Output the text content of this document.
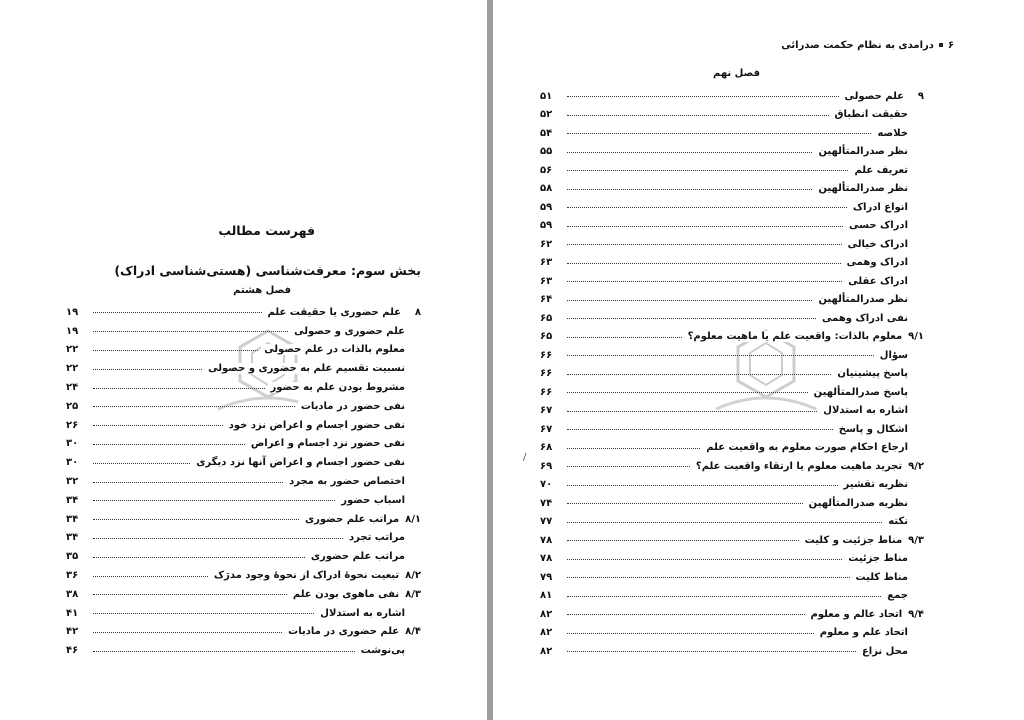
فهرست مطالب
بخش سوم: معرفت‌شناسی (هستی‌شناسی ادراک)
فصل هشتم
۸علم حضوری یا حقیقت علم
۱۹
علم حضوری و حصولی
۱۹
معلوم بالذات در علم حصولی
۲۲
نسبیت تقسیم علم به حضوری و حصولی
۲۲
مشروط بودن علم به حضور
۲۴
نفی حضور در مادیات
۲۵
نفی حضور اجسام و اعراض نزد خود
۲۶
نفی حضور نزد اجسام و اعراض
۳۰
نفی حضور اجسام و اعراض آنها نزد دیگری
۳۰
اختصاص حضور به مجرد
۳۲
اسباب حضور
۳۴
۸/۱مراتب علم حضوری
۳۴
مراتب تجرد
۳۴
مراتب علم حضوری
۳۵
۸/۲تبعیت نحوهٔ ادراک از نحوهٔ وجود مدرَک
۳۶
۸/۳نفی ماهوی بودن علم
۳۸
اشاره به استدلال
۴۱
۸/۴علم حضوری در مادیات
۴۲
پی‌نوشت
۴۶
۶درامدی به نظام حکمت صدرائی
فصل نهم
/
۹علم حصولی
۵۱
حقیقت انطباق
۵۲
خلاصه
۵۴
نظر صدرالمتألهین
۵۵
تعریف علم
۵۶
نظر صدرالمتألهین
۵۸
انواع ادراک
۵۹
ادراک حسی
۵۹
ادراک خیالی
۶۲
ادراک وهمی
۶۳
ادراک عقلی
۶۳
نظر صدرالمتألهین
۶۴
نفی ادراک وهمی
۶۵
۹/۱معلوم بالذات: واقعیت علم یا ماهیت معلوم؟
۶۵
سؤال
۶۶
پاسخ پیشینیان
۶۶
پاسخ صدرالمتألهین
۶۶
اشاره به استدلال
۶۷
اشکال و پاسخ
۶۷
ارجاع احکام صورت معلوم به واقعیت علم
۶۸
۹/۲تجرید ماهیت معلوم یا ارتقاء واقعیت علم؟
۶۹
نظریه تقشیر
۷۰
نظریه صدرالمتألهین
۷۴
نکته
۷۷
۹/۳مناط جزئیت و کلیت
۷۸
مناط جزئیت
۷۸
مناط کلیت
۷۹
جمع
۸۱
۹/۴اتحاد عالم و معلوم
۸۲
اتحاد علم و معلوم
۸۲
محل نزاع
۸۲
